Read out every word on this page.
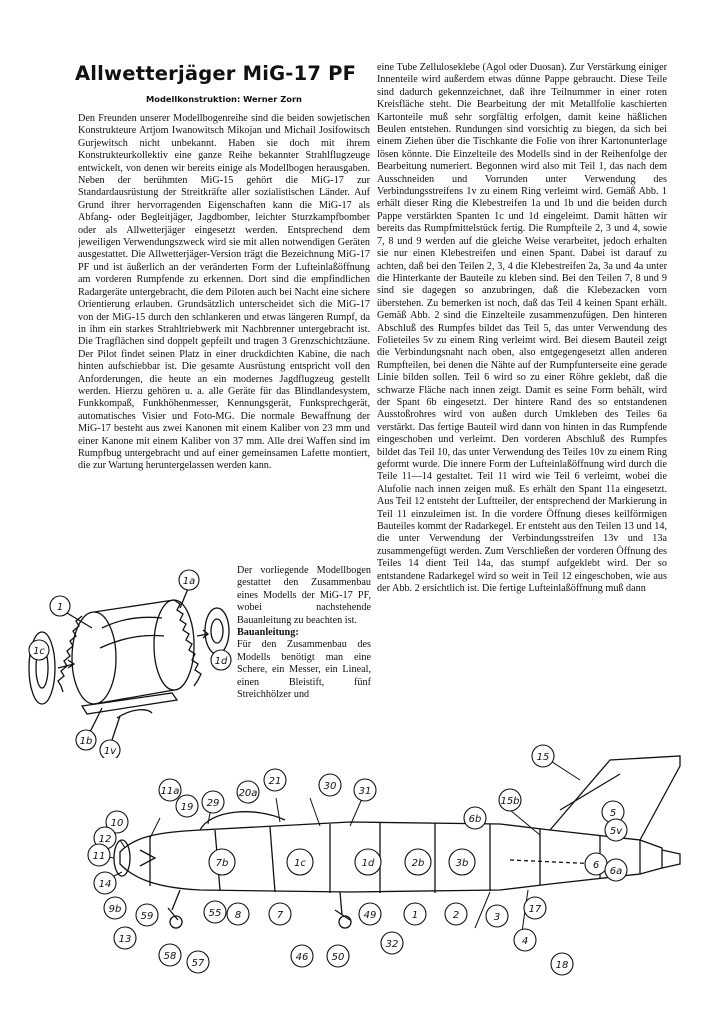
Allwetterjäger MiG-17 PF
Modellkonstruktion: Werner Zorn

Den Freunden unserer Modellbogenreihe sind die beiden sowjetischen Konstrukteure Artjom Iwanowitsch Mikojan und Michail Josifowitsch Gurjewitsch nicht unbekannt. Haben sie doch mit ihrem Konstrukteurkollektiv eine ganze Reihe bekannter Strahlflugzeuge entwickelt, von denen wir bereits einige als Modellbogen herausgaben. Neben der berühmten MiG-15 gehört die MiG-17 zur Standardausrüstung der Streitkräfte aller sozialistischen Länder. Auf Grund ihrer hervorragenden Eigenschaften kann die MiG-17 als Abfang- oder Begleitjäger, Jagdbomber, leichter Sturzkampfbomber oder als Allwetterjäger eingesetzt werden. Entsprechend dem jeweiligen Verwendungszweck wird sie mit allen notwendigen Geräten ausgestattet. Die Allwetterjäger-Version trägt die Bezeichnung MiG-17 PF und ist äußerlich an der veränderten Form der Lufteinlaßöffnung am vorderen Rumpfende zu erkennen. Dort sind die empfindlichen Radargeräte untergebracht, die dem Piloten auch bei Nacht eine sichere Orientierung erlauben. Grundsätzlich unterscheidet sich die MiG-17 von der MiG-15 durch den schlankeren und etwas längeren Rumpf, da in ihm ein starkes Strahltriebwerk mit Nachbrenner untergebracht ist. Die Tragflächen sind doppelt gepfeilt und tragen 3 Grenzschichtzäune. Der Pilot findet seinen Platz in einer druckdichten Kabine, die nach hinten aufschiebbar ist. Die gesamte Ausrüstung entspricht voll den Anforderungen, die heute an ein modernes Jagdflugzeug gestellt werden. Hierzu gehören u. a. alle Geräte für das Blindlandesystem, Funkkompaß, Funkhöhenmesser, Kennungsgerät, Funksprechgerät, automatisches Visier und Foto-MG. Die normale Bewaffnung der MiG-17 besteht aus zwei Kanonen mit einem Kaliber von 23 mm und einer Kanone mit einem Kaliber von 37 mm. Alle drei Waffen sind im Rumpfbug untergebracht und auf einer gemeinsamen Lafette montiert, die zur Wartung heruntergelassen werden kann.

Der vorliegende Modellbogen gestattet den Zusammenbau eines Modells der MiG-17 PF, wobei nachstehende Bauanleitung zu beachten ist.

Bauanleitung:

Für den Zusammenbau des Modells benötigt man eine Schere, ein Messer, ein Lineal, einen Bleistift, fünf Streichhölzer und

eine Tube Zelluloseklebe (Agol oder Duosan). Zur Verstärkung einiger Innenteile wird außerdem etwas dünne Pappe gebraucht. Diese Teile sind dadurch gekennzeichnet, daß ihre Teilnummer in einer roten Kreisfläche steht. Die Bearbeitung der mit Metallfolie kaschierten Kartonteile muß sehr sorgfältig erfolgen, damit keine häßlichen Beulen entstehen. Rundungen sind vorsichtig zu biegen, da sich bei einem Ziehen über die Tischkante die Folie von ihrer Kartonunterlage lösen könnte. Die Einzelteile des Modells sind in der Reihenfolge der Bearbeitung numeriert. Begonnen wird also mit Teil 1, das nach dem Ausschneiden und Vorrunden unter Verwendung des Verbindungsstreifens 1v zu einem Ring verleimt wird. Gemäß Abb. 1 erhält dieser Ring die Klebestreifen 1a und 1b und die beiden durch Pappe verstärkten Spanten 1c und 1d eingeleimt. Damit hätten wir bereits das Rumpfmittelstück fertig. Die Rumpfteile 2, 3 und 4, sowie 7, 8 und 9 werden auf die gleiche Weise verarbeitet, jedoch erhalten sie nur einen Klebestreifen und einen Spant. Dabei ist darauf zu achten, daß bei den Teilen 2, 3, 4 die Klebestreifen 2a, 3a und 4a unter die Hinterkante der Bauteile zu kleben sind. Bei den Teilen 7, 8 und 9 sind sie dagegen so anzubringen, daß die Klebezacken vorn überstehen. Zu bemerken ist noch, daß das Teil 4 keinen Spant erhält. Gemäß Abb. 2 sind die Einzelteile zusammenzufügen. Den hinteren Abschluß des Rumpfes bildet das Teil 5, das unter Verwendung des Folieteiles 5v zu einem Ring verleimt wird. Bei diesem Bauteil zeigt die Verbindungsnaht nach oben, also entgegengesetzt allen anderen Rumpfteilen, bei denen die Nähte auf der Rumpfunterseite eine gerade Linie bilden sollen. Teil 6 wird so zu einer Röhre geklebt, daß die schwarze Fläche nach innen zeigt. Damit es seine Form behält, wird der Spant 6b eingesetzt. Der hintere Rand des so entstandenen Ausstoßrohres wird von außen durch Umkleben des Teiles 6a verstärkt. Das fertige Bauteil wird dann von hinten in das Rumpfende eingeschoben und verleimt. Den vorderen Abschluß des Rumpfes bildet das Teil 10, das unter Verwendung des Teiles 10v zu einem Ring geformt wurde. Die innere Form der Lufteinlaßöffnung wird durch die Teile 11—14 gestaltet. Teil 11 wird wie Teil 6 verleimt, wobei die Alufolie nach innen zeigen muß. Es erhält den Spant 11a eingesetzt. Aus Teil 12 entsteht der Luftteiler, der entsprechend der Markierung in Teil 11 einzuleimen ist. In die vordere Öffnung dieses keilförmigen Bauteiles kommt der Radarkegel. Er entsteht aus den Teilen 13 und 14, die unter Verwendung der Verbindungsstreifen 13v und 13a zusammengefügt werden. Zum Verschließen der vorderen Öffnung des Teiles 14 dient Teil 14a, das stumpf aufgeklebt wird. Der so entstandene Radarkegel wird so weit in Teil 12 eingeschoben, wie aus der Abb. 2 ersichtlich ist. Die fertige Lufteinlaßöffnung muß dann

1
1a
1c
1d
1b
1v
15
15b
31
30
21
20a
29
19
11a
10
12
11
14
9b
13
59	55
58
57
7b	1c	1d	2b	3b
6b
5
5v
6
6a
8	7
46 50
49
32
1	2	3
17
4
18
